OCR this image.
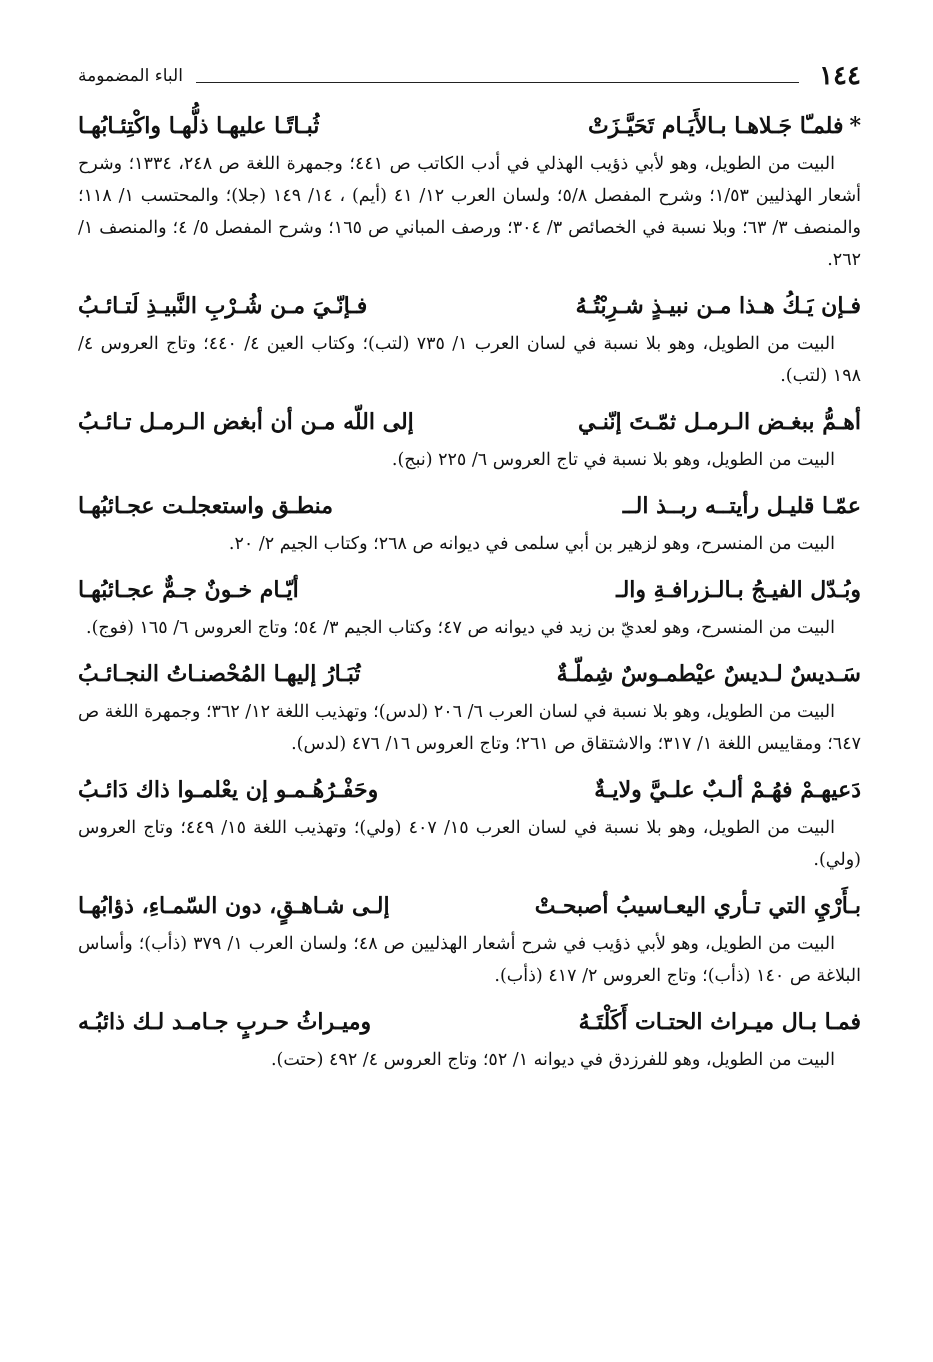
١٤٤
الباء المضمومة
*فلمـّا جَـلاهـا بـالأَيَـام تَحَيَّـزَتْ
ثُبـاتًـا عليهـا ذلُّهـا واكْتِئـابُهـا

البيت من الطويل، وهو لأبي ذؤيب الهذلي في أدب الكاتب ص ٤٤١؛ وجمهرة اللغة ص ٢٤٨، ١٣٣٤؛ وشرح أشعار الهذليين ١/٥٣؛ وشرح المفصل ٥/٨؛ ولسان العرب ١٢/ ٤١ (أيم) ، ١٤/ ١٤٩ (جلا)؛ والمحتسب ١/ ١١٨؛ والمنصف ٣/ ٦٣؛ وبلا نسبة في الخصائص ٣/ ٣٠٤؛ ورصف المباني ص ١٦٥؛ وشرح المفصل ٥/ ٤؛ والمنصف ١/ ٢٦٢.

فـإن يَـكُ هـذا مـن نبيـذٍ شـرِبْتُـهُ
فـإنّـيَ مـن شُـرْبِ النَّبيـذِ لَتـائـبُ

البيت من الطويل، وهو بلا نسبة في لسان العرب ١/ ٧٣٥ (لتب)؛ وكتاب العين ٤/ ٤٤٠؛ وتاج العروس ٤/ ١٩٨ (لتب).

أهـمُّ ببغـض الـرمـل ثمّـتَ إنّنـي
إلى اللّه مـن أن أبغض الـرمـل تـائـبُ

البيت من الطويل، وهو بلا نسبة في تاج العروس ٦/ ٢٢٥ (نبج).

عمّـا قليـل رأيتــه ربــذ الــ
منطـق واستعجلـت عجـائبُهـا

البيت من المنسرح، وهو لزهير بن أبي سلمى في ديوانه ص ٢٦٨؛ وكتاب الجيم ٢/ ٢٠.

وبُـدّل الفيـجُ بـالـزرافـةِ والـ
أيّـام خـونٌ جـمٌّ عجـائبُهـا

البيت من المنسرح، وهو لعديّ بن زيد في ديوانه ص ٤٧؛ وكتاب الجيم ٣/ ٥٤؛ وتاج العروس ٦/ ١٦٥ (فوج).

سَـديسٌ لـديسٌ عيْطمـوسٌ شِملّـةٌ
تُبَـارُ إليهـا المُحْصنـاتُ النجـائـبُ

البيت من الطويل، وهو بلا نسبة في لسان العرب ٦/ ٢٠٦ (لدس)؛ وتهذيب اللغة ١٢/ ٣٦٢؛ وجمهرة اللغة ص ٦٤٧؛ ومقاييس اللغة ١/ ٣١٧؛ والاشتقاق ص ٢٦١؛ وتاج العروس ١٦/ ٤٧٦ (لدس).

دَعيهـمْ فهُـمْ ألـبٌ علـيَّ ولايـةٌ
وحَفْـرُهُـمـو إن يعْلمـوا ذاك دَائـبُ

البيت من الطويل، وهو بلا نسبة في لسان العرب ١٥/ ٤٠٧ (ولي)؛ وتهذيب اللغة ١٥/ ٤٤٩؛ وتاج العروس (ولي).

بـأَرْيِ التي تـأري اليعـاسيبُ أصبحـتْ
إلـى شـاهـقٍ، دون السّمـاءِ، ذؤابُهـا

البيت من الطويل، وهو لأبي ذؤيب في شرح أشعار الهذليين ص ٤٨؛ ولسان العرب ١/ ٣٧٩ (ذأب)؛ وأساس البلاغة ص ١٤٠ (ذأب)؛ وتاج العروس ٢/ ٤١٧ (ذأب).

فمـا بـال ميـراث الحتـات أَكَلْتَـهُ
وميـراثُ حـربٍ جـامـد لـك ذائبُـه

البيت من الطويل، وهو للفرزدق في ديوانه ١/ ٥٢؛ وتاج العروس ٤/ ٤٩٢ (حتت).
